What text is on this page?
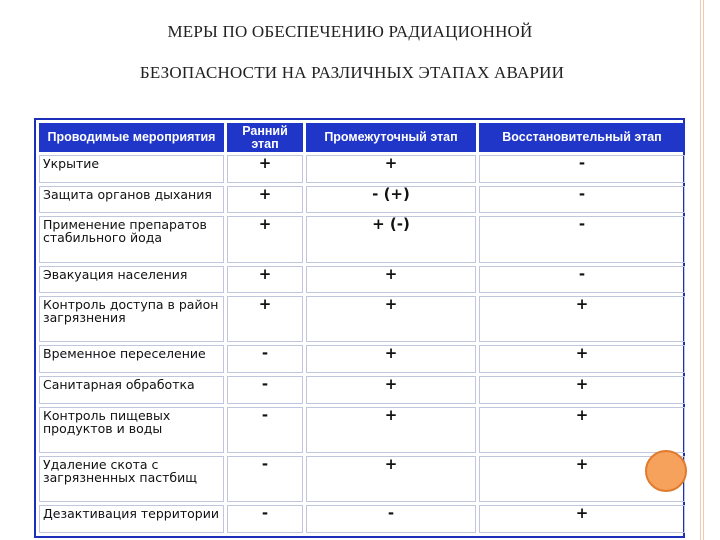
МЕРЫ ПО ОБЕСПЕЧЕНИЮ РАДИАЦИОННОЙ
БЕЗОПАСНОСТИ НА РАЗЛИЧНЫХ ЭТАПАХ АВАРИИ
Проводимые мероприятия	Ранний этап	Промежуточный этап	Восстановительный этап
Укрытие	+	+	-
Защита органов дыхания	+	- (+)	-
Применение препаратов стабильного йода	+	+ (-)	-
Эвакуация населения	+	+	-
Контроль доступа в район загрязнения	+	+	+
Временное переселение	-	+	+
Санитарная обработка	-	+	+
Контроль пищевых продуктов и воды	-	+	+
Удаление скота с загрязненных пастбищ	-	+	+
Дезактивация территории	-	-	+
